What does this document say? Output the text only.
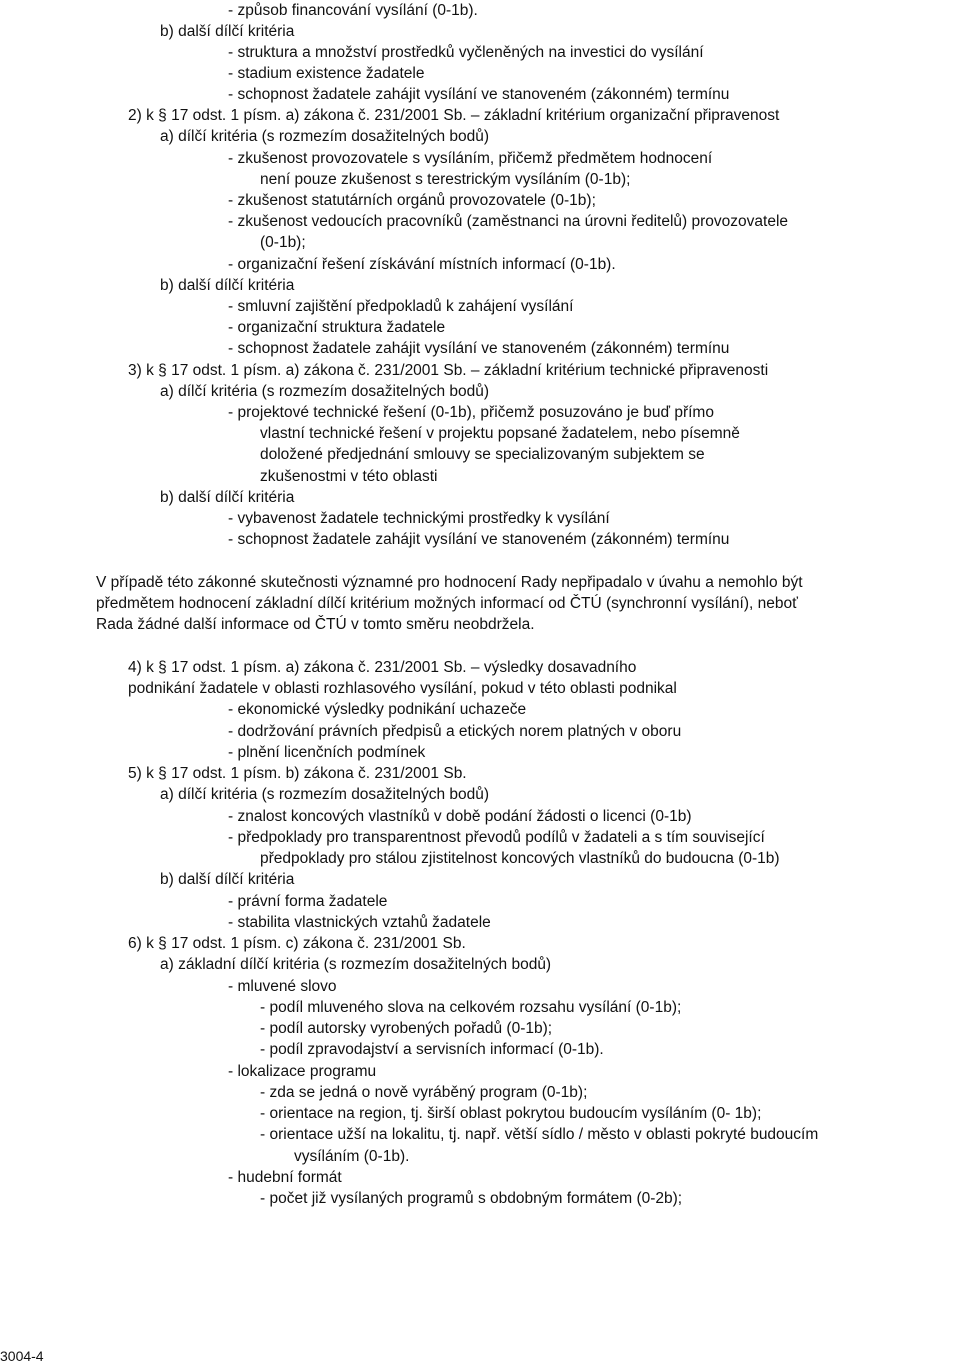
- způsob financování vysílání (0-1b).
b) další dílčí kritéria
- struktura a množství prostředků vyčleněných na investici do vysílání
- stadium existence žadatele
- schopnost žadatele zahájit vysílání ve stanoveném (zákonném) termínu
2) k § 17 odst. 1 písm. a) zákona č. 231/2001 Sb. – základní kritérium organizační připravenost
a) dílčí kritéria (s rozmezím dosažitelných bodů)
- zkušenost provozovatele s vysíláním, přičemž předmětem hodnocení
není pouze zkušenost s terestrickým vysíláním (0-1b);
- zkušenost statutárních orgánů provozovatele (0-1b);
- zkušenost vedoucích pracovníků (zaměstnanci na úrovni ředitelů) provozovatele
(0-1b);
- organizační řešení získávání místních informací (0-1b).
b) další dílčí kritéria
- smluvní zajištění předpokladů k zahájení vysílání
- organizační struktura žadatele
- schopnost žadatele zahájit vysílání ve stanoveném (zákonném) termínu
3) k § 17 odst. 1 písm. a) zákona č. 231/2001 Sb. – základní kritérium technické připravenosti
a) dílčí kritéria (s rozmezím dosažitelných bodů)
- projektové technické řešení (0-1b), přičemž posuzováno je buď přímo
vlastní technické řešení v projektu popsané žadatelem, nebo písemně
doložené předjednání smlouvy se specializovaným subjektem se
zkušenostmi v této oblasti
b) další dílčí kritéria
- vybavenost žadatele technickými prostředky k vysílání
- schopnost žadatele zahájit vysílání ve stanoveném (zákonném) termínu
V případě této zákonné skutečnosti významné pro hodnocení Rady nepřipadalo v úvahu a nemohlo být
předmětem hodnocení základní dílčí kritérium možných informací od ČTÚ (synchronní vysílání), neboť
Rada žádné další informace od ČTÚ v tomto směru neobdržela.
4) k § 17 odst. 1 písm. a) zákona č. 231/2001 Sb. – výsledky dosavadního
podnikání žadatele v oblasti rozhlasového vysílání, pokud v této oblasti podnikal
- ekonomické výsledky podnikání uchazeče
- dodržování právních předpisů a etických norem platných v oboru
- plnění licenčních podmínek
5) k § 17 odst. 1 písm. b) zákona č. 231/2001 Sb.
a) dílčí kritéria (s rozmezím dosažitelných bodů)
- znalost koncových vlastníků v době podání žádosti o licenci (0-1b)
- předpoklady pro transparentnost převodů podílů v žadateli a s tím související
předpoklady pro stálou zjistitelnost koncových vlastníků do budoucna (0-1b)
b) další dílčí kritéria
- právní forma žadatele
- stabilita vlastnických vztahů žadatele
6) k § 17 odst. 1 písm. c) zákona č. 231/2001 Sb.
a) základní dílčí kritéria (s rozmezím dosažitelných bodů)
- mluvené slovo
- podíl mluveného slova na celkovém rozsahu vysílání (0-1b);
- podíl autorsky vyrobených pořadů (0-1b);
- podíl zpravodajství a servisních informací (0-1b).
- lokalizace programu
- zda se jedná o nově vyráběný program (0-1b);
- orientace na region, tj. širší oblast pokrytou budoucím vysíláním (0- 1b);
- orientace užší na lokalitu, tj. např. větší sídlo / město v oblasti pokryté budoucím
vysíláním (0-1b).
- hudební formát
- počet již vysílaných programů s obdobným formátem (0-2b);
3004-4
